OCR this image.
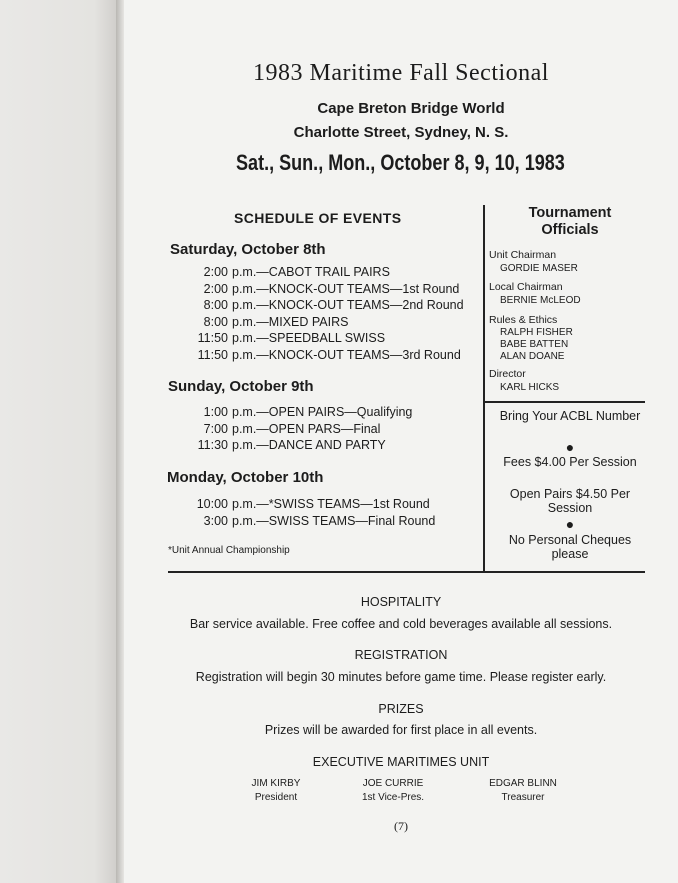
1983 Maritime Fall Sectional
Cape Breton Bridge World
Charlotte Street, Sydney, N. S.
Sat., Sun., Mon., October 8, 9, 10, 1983
SCHEDULE OF EVENTS
Saturday, October 8th
2:00 p.m.—CABOT TRAIL PAIRS
2:00 p.m.—KNOCK-OUT TEAMS—1st Round
8:00 p.m.—KNOCK-OUT TEAMS—2nd Round
8:00 p.m.—MIXED PAIRS
11:50 p.m.—SPEEDBALL SWISS
11:50 p.m.—KNOCK-OUT TEAMS—3rd Round
Sunday, October 9th
1:00 p.m.—OPEN PAIRS—Qualifying
7:00 p.m.—OPEN PARS—Final
11:30 p.m.—DANCE AND PARTY
Monday, October 10th
10:00 p.m.—*SWISS TEAMS—1st Round
3:00 p.m.—SWISS TEAMS—Final Round
*Unit Annual Championship
Tournament
Officials
Unit Chairman
GORDIE MASER
Local Chairman
BERNIE McLEOD
Rules & Ethics
RALPH FISHER
BABE BATTEN
ALAN DOANE
Director
KARL HICKS
Bring Your ACBL Number
●
Fees $4.00 Per Session
Open Pairs $4.50 Per Session
●
No Personal Cheques please
HOSPITALITY
Bar service available. Free coffee and cold beverages available all sessions.
REGISTRATION
Registration will begin 30 minutes before game time. Please register early.
PRIZES
Prizes will be awarded for first place in all events.
EXECUTIVE MARITIMES UNIT
JIM KIRBY
President
JOE CURRIE
1st Vice-Pres.
EDGAR BLINN
Treasurer
(7)
